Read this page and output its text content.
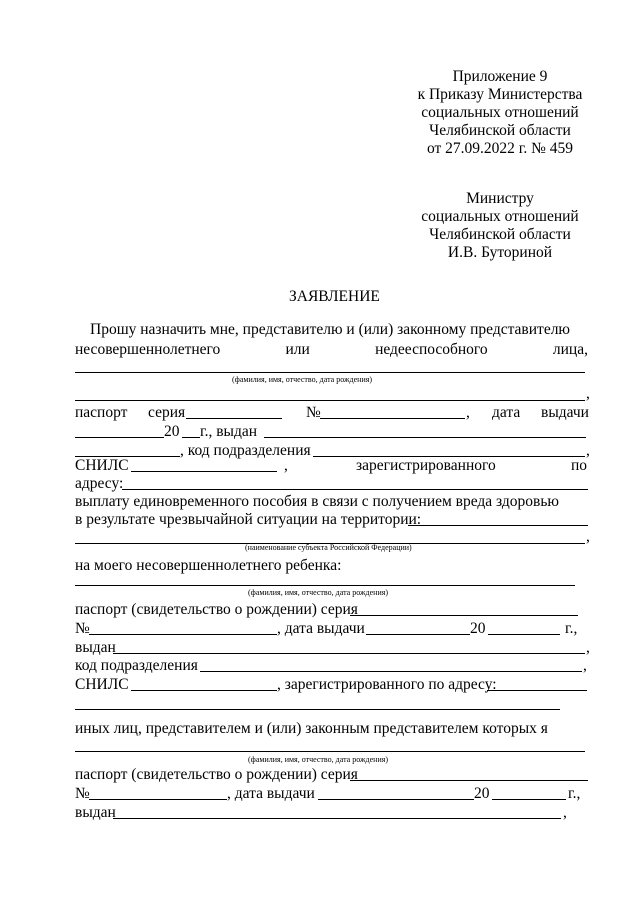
Приложение 9
к Приказу Министерства
социальных отношений
Челябинской области
от 27.09.2022 г. № 459
Министру
социальных отношений
Челябинской области
И.В. Буториной
ЗАЯВЛЕНИЕ
Прошу назначить мне, представителю и (или) законному представителю
несовершеннолетнего	или	недееспособного	лица,
(фамилия, имя, отчество, дата рождения)
,
паспорт серия	№	, дата выдачи
20 г., выдан
, код подразделения	,
СНИЛС	,	зарегистрированного	по
адресу:
выплату единовременного пособия в связи с получением вреда здоровью
в результате чрезвычайной ситуации на территории:
,
(наименование субъекта Российской Федерации)
на моего несовершеннолетнего ребенка:
(фамилия, имя, отчество, дата рождения)
паспорт (свидетельство о рождении) серия
№	, дата выдачи	20	г.,
выдан	,
код подразделения	,
СНИЛС	, зарегистрированного по адресу:
иных лиц, представителем и (или) законным представителем которых я
(фамилия, имя, отчество, дата рождения)
паспорт (свидетельство о рождении) серия
№	, дата выдачи	20	г.,
выдан	,
